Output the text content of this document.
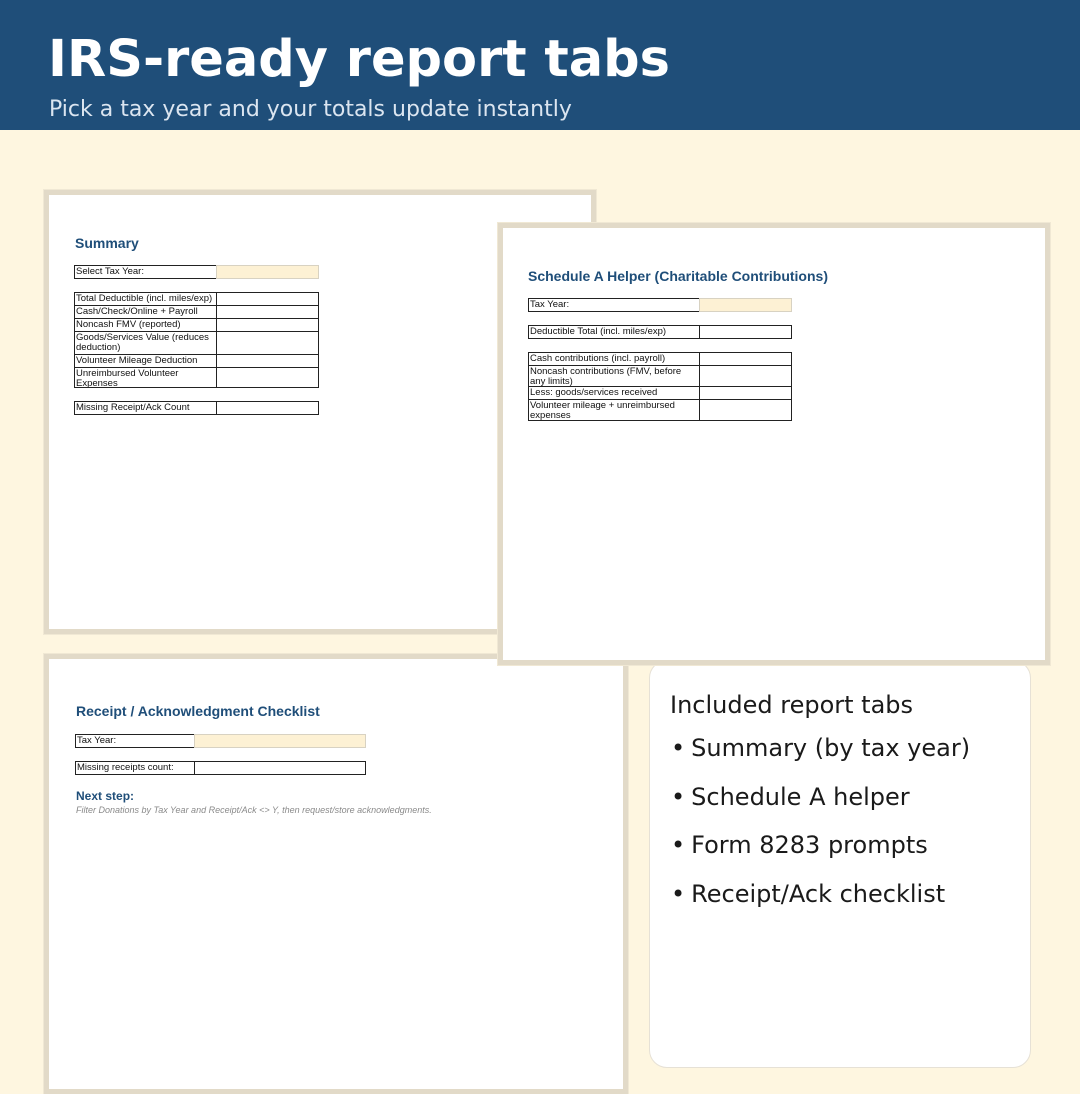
IRS-ready report tabs
Pick a tax year and your totals update instantly
Summary
Select Tax Year:
Total Deductible (incl. miles/exp)
Cash/Check/Online + Payroll
Noncash FMV (reported)
Goods/Services Value (reduces deduction)
Volunteer Mileage Deduction
Unreimbursed Volunteer Expenses
Missing Receipt/Ack Count
Schedule A Helper (Charitable Contributions)
Tax Year:
Deductible Total (incl. miles/exp)
Cash contributions (incl. payroll)
Noncash contributions (FMV, before any limits)
Less: goods/services received
Volunteer mileage + unreimbursed expenses
Receipt / Acknowledgment Checklist
Tax Year:
Missing receipts count:
Next step:
Filter Donations by Tax Year and Receipt/Ack <> Y, then request/store acknowledgments.
Included report tabs
• Summary (by tax year)
• Schedule A helper
• Form 8283 prompts
• Receipt/Ack checklist
